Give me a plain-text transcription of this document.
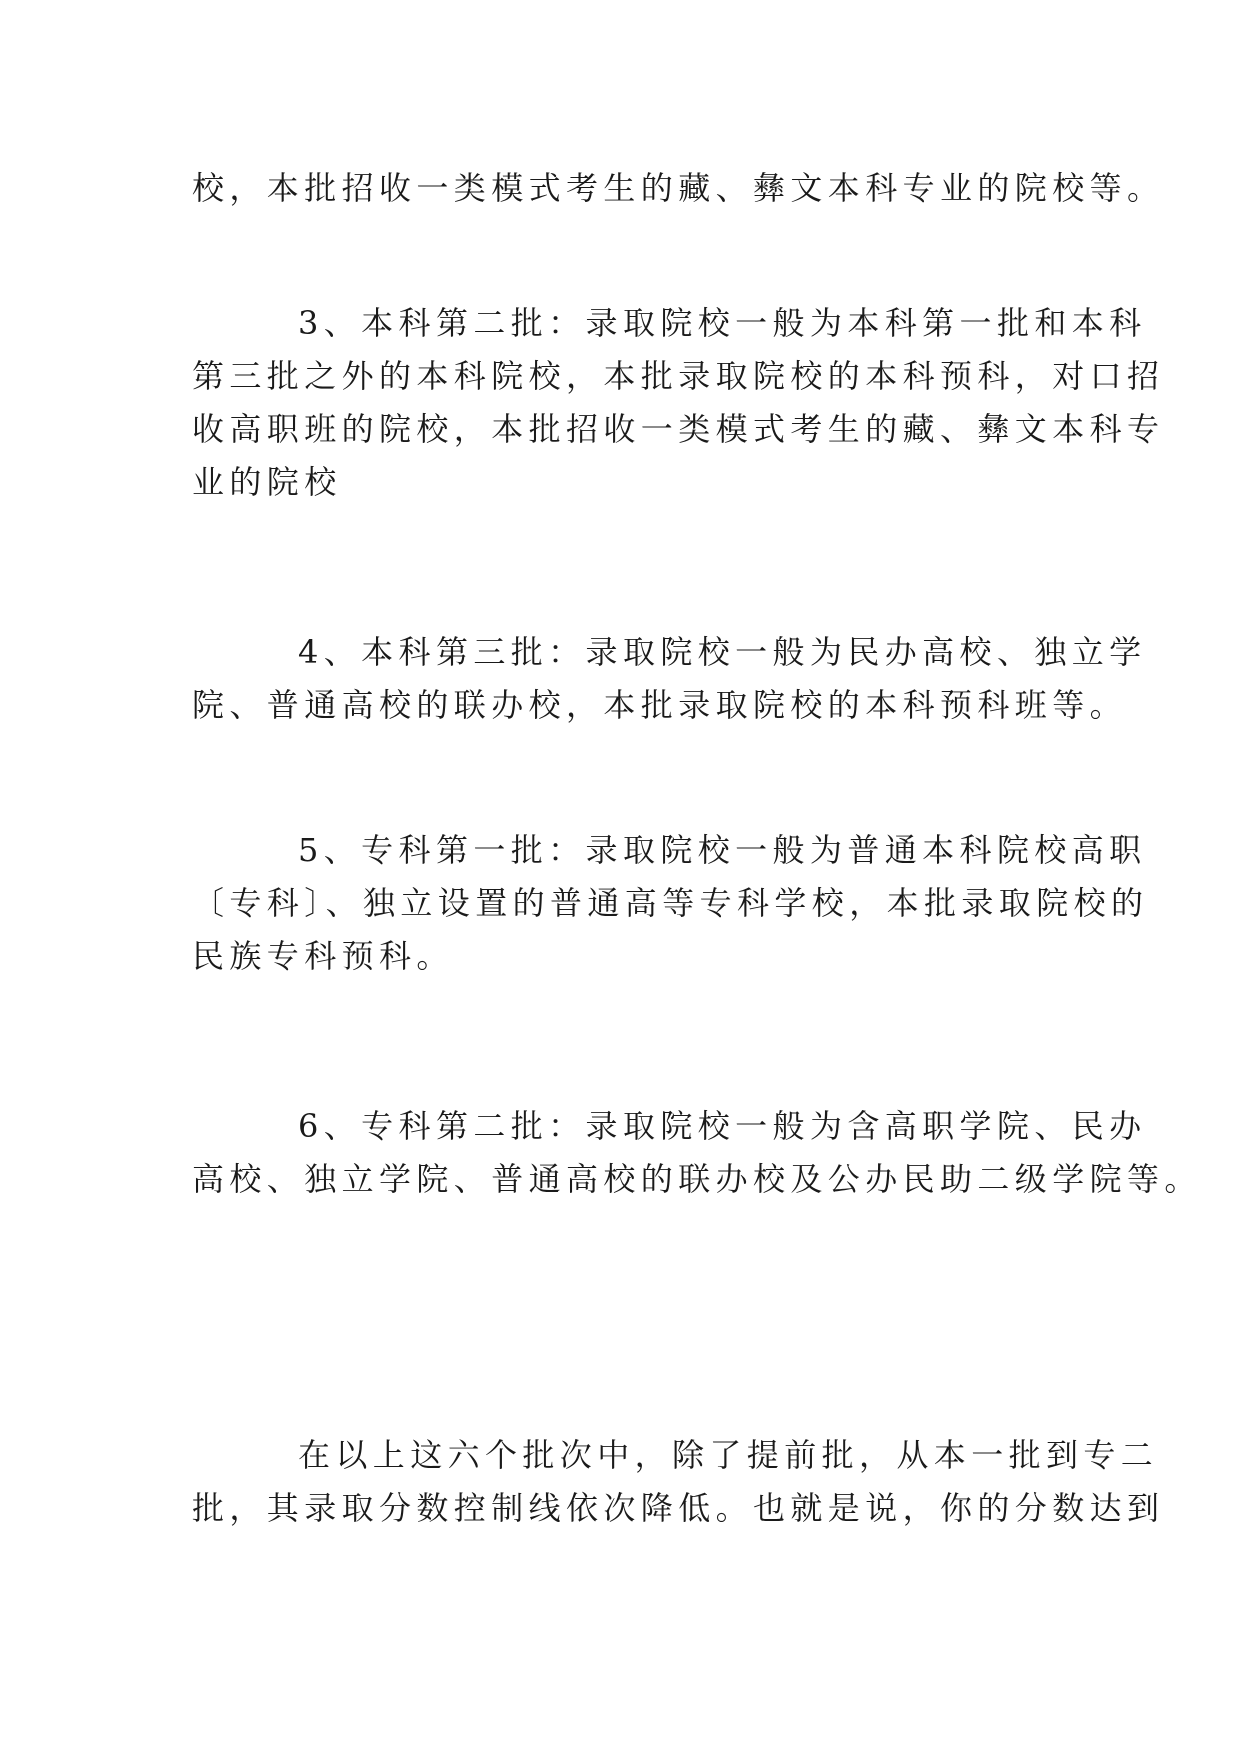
校，本批招收一类模式考生的藏、彝文本科专业的院校等。
3、本科第二批：录取院校一般为本科第一批和本科
第三批之外的本科院校，本批录取院校的本科预科，对口招
收高职班的院校，本批招收一类模式考生的藏、彝文本科专
业的院校
4、本科第三批：录取院校一般为民办高校、独立学
院、普通高校的联办校，本批录取院校的本科预科班等。
5、专科第一批：录取院校一般为普通本科院校高职
〔专科〕、独立设置的普通高等专科学校，本批录取院校的
民族专科预科。
6、专科第二批：录取院校一般为含高职学院、民办
高校、独立学院、普通高校的联办校及公办民助二级学院等。
在以上这六个批次中，除了提前批，从本一批到专二
批，其录取分数控制线依次降低。也就是说，你的分数达到
